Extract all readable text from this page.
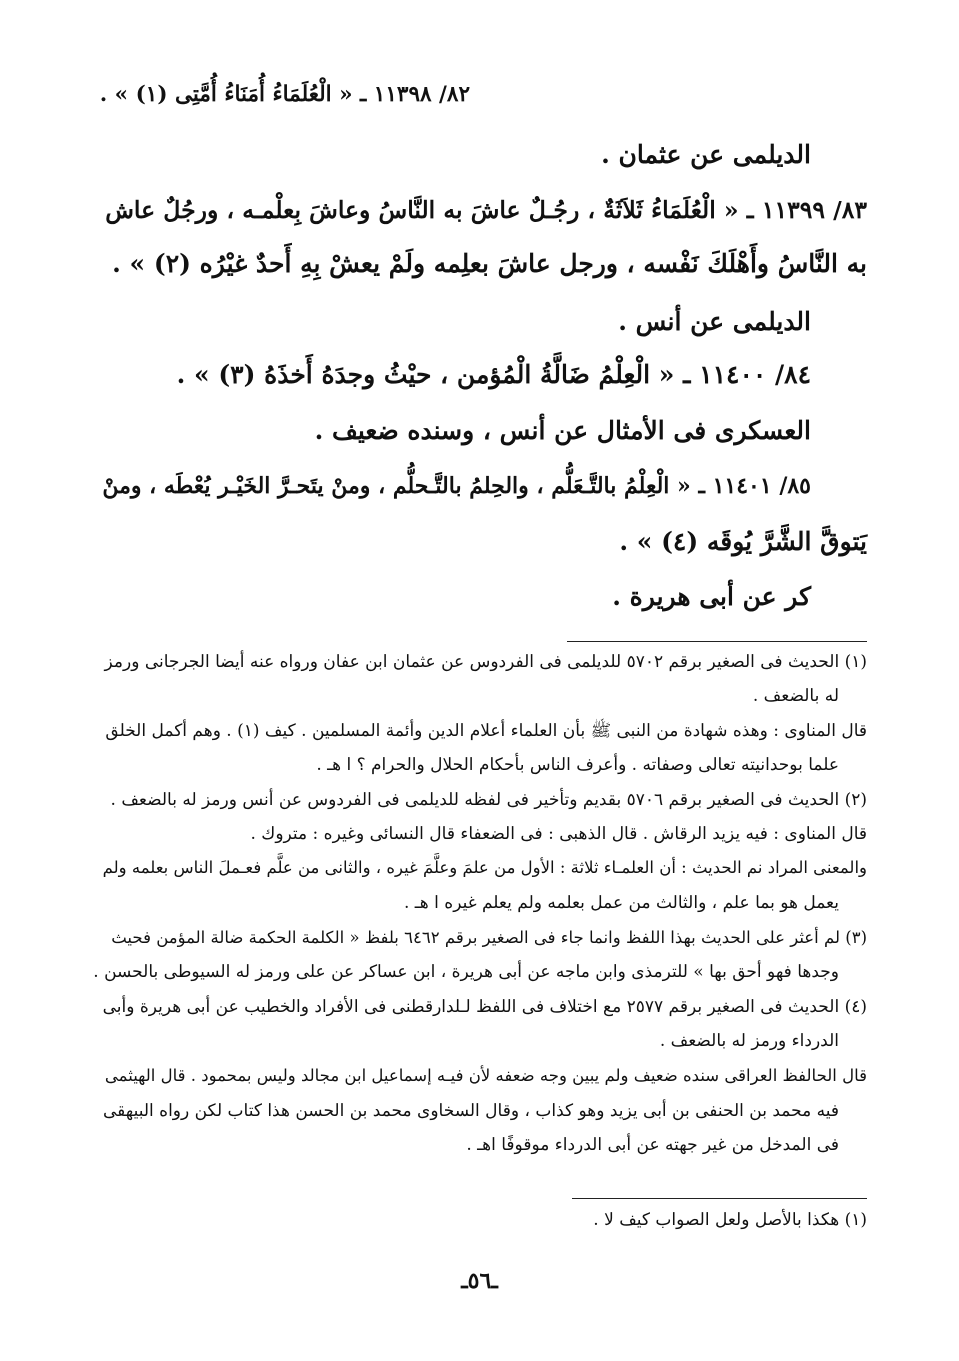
٨٢/ ١١٣٩٨ ـ « الْعُلَمَاءُ أُمَنَاءُ أُمَّتِى (١) » .
الديلمى عن عثمان .
٨٣/ ١١٣٩٩ ـ « الْعُلَمَاءُ ثَلاَثَةٌ ، رجُـلٌ عاشَ به النَّاسُ وعاشَ بِعلْمـه ، ورجُلٌ عاش
به النَّاسُ وأَهْلَكَ نَفْسه ، ورجل عاشَ بعلِمه ولَمْ يعشْ بِهِ أَحدٌ غيْرُه (٢) » .
الديلمى عن أنس .
٨٤/ ١١٤٠٠ ـ « الْعِلْمُ ضَالَّةُ الْمُؤمن ، حيْثُ وجدَهُ أَخذَهُ (٣) » .
العسكرى فى الأمثال عن أنس ، وسنده ضعيف .
٨٥/ ١١٤٠١ ـ « الْعِلْمُ بالتَّـعَلُّم ، والحِلمُ بالتَّـحلُّم ، ومنْ يتَحـرَّ الخَيْـر يُعْطَه ، ومنْ
يَتوقَّ الشَّرَّ يُوقَه (٤) » .
كر عن أبى هريرة .
(١) الحديث فى الصغير برقم ٥٧٠٢ للديلمى فى الفردوس عن عثمان ابن عفان ورواه عنه أيضا الجرجانى ورمز
له بالضعف .
قال المناوى : وهذه شهادة من النبى ﷺ بأن العلماء أعلام الدين وأئمة المسلمين . كيف (١) . وهم أكمل الخلق
علما بوحدانيته تعالى وصفاته . وأعرف الناس بأحكام الحلال والحرام ؟ ا هـ .
(٢) الحديث فى الصغير برقم ٥٧٠٦ بقديم وتأخير فى لفظه للديلمى فى الفردوس عن أنس ورمز له بالضعف .
قال المناوى : فيه يزيد الرقاش . قال الذهبى : فى الضعفاء قال النسائى وغيره : متروك .
والمعنى المراد نم الحديث : أن العلمـاء ثلاثة : الأول من علمَ وعلَّمَ غيره ، والثانى من علَّم فعـملَ الناس بعلمه ولم
يعمل هو بما علم ، والثالث من عمل بعلمه ولم يعلم غيره ا هـ .
(٣) لم أعثر على الحديث بهذا اللفظ وانما جاء فى الصغير برقم ٦٤٦٢ بلفظ « الكلمة الحكمة ضالة المؤمن فحيث
وجدها فهو أحق بها » للترمذى وابن ماجه عن أبى هريرة ، ابن عساكر عن على ورمز له السيوطى بالحسن .
(٤) الحديث فى الصغير برقم ٢٥٧٧ مع اختلاف فى اللفظ لـلدارقطنى فى الأفراد والخطيب عن أبى هريرة وأبى
الدرداء ورمز له بالضعف .
قال الحالفظ العراقى سنده ضعيف ولم يبين وجه ضعفه لأن فيـه إسماعيل ابن مجالد وليس بمحمود . قال الهيثمى
فيه محمد بن الحنفى بن أبى يزيد وهو كذاب ، وقال السخاوى محمد بن الحسن هذا كتاب لكن رواه البيهقى
فى المدخل من غير جهته عن أبى الدرداء موقوفًا اهـ .
(١) هكذا بالأصل ولعل الصواب كيف لا .
ـ٥٦ـ
